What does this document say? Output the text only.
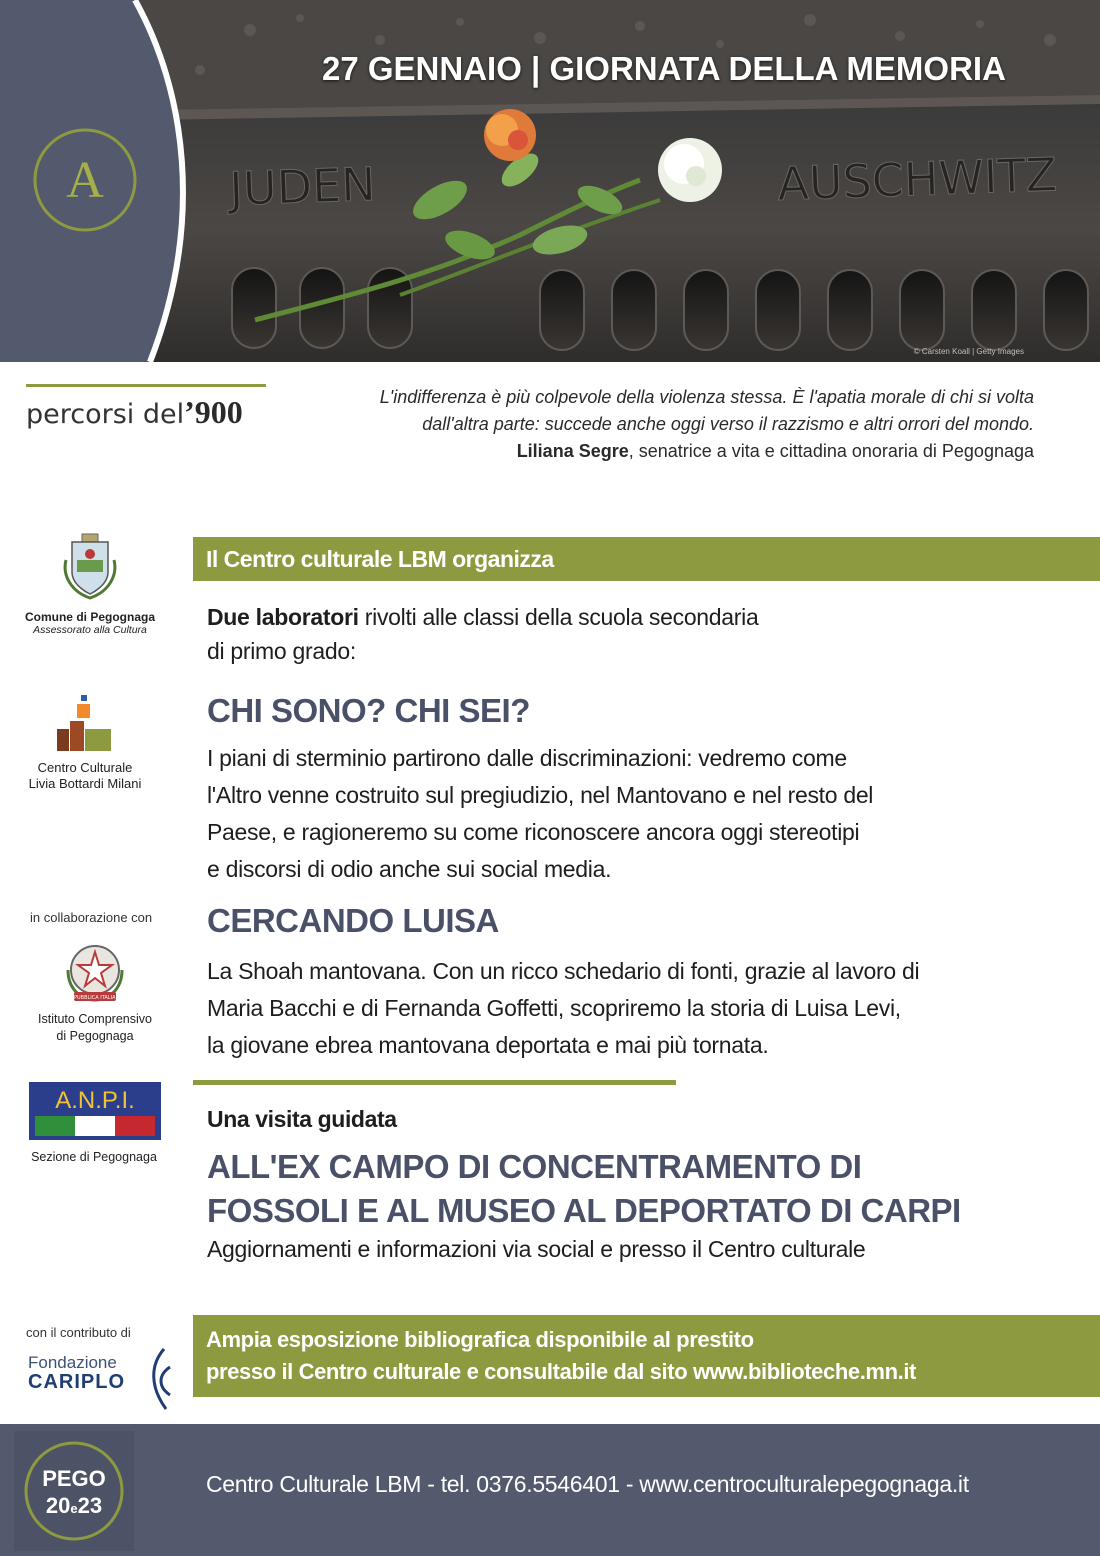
JUDEN	AUSCHWITZ
27 GENNAIO | GIORNATA DELLA MEMORIA
© Carsten Koall | Getty Images
A
percorsi del’900	L'indifferenza è più colpevole della violenza stessa. È l'apatia morale di chi si volta
dall'altra parte: succede anche oggi verso il razzismo e altri orrori del mondo.
Liliana Segre, senatrice a vita e cittadina onoraria di Pegognaga
Comune di Pegognaga
Assessorato alla Cultura
Centro Culturale
Livia Bottardi Milani
in collaborazione con
REPUBBLICA ITALIANA
Istituto Comprensivo
di Pegognaga
A.N.P.I.
Sezione di Pegognaga
con il contributo di
Fondazione
CARIPLO
Il Centro culturale LBM organizza
Due laboratori rivolti alle classi della scuola secondaria
di primo grado:
CHI SONO? CHI SEI?
I piani di sterminio partirono dalle discriminazioni: vedremo come
l'Altro venne costruito sul pregiudizio, nel Mantovano e nel resto del
Paese, e ragioneremo su come riconoscere ancora oggi stereotipi
e discorsi di odio anche sui social media.
CERCANDO LUISA
La Shoah mantovana. Con un ricco schedario di fonti, grazie al lavoro di
Maria Bacchi e di Fernanda Goffetti, scopriremo la storia di Luisa Levi,
la giovane ebrea mantovana deportata e mai più tornata.
Una visita guidata
ALL'EX CAMPO DI CONCENTRAMENTO DI
FOSSOLI E AL MUSEO AL DEPORTATO DI CARPI
Aggiornamenti e informazioni via social e presso il Centro culturale
Ampia esposizione bibliografica disponibile al prestito
presso il Centro culturale e consultabile dal sito www.biblioteche.mn.it
PEGO
20e23
Centro Culturale LBM - tel. 0376.5546401 - www.centroculturalepegognaga.it
